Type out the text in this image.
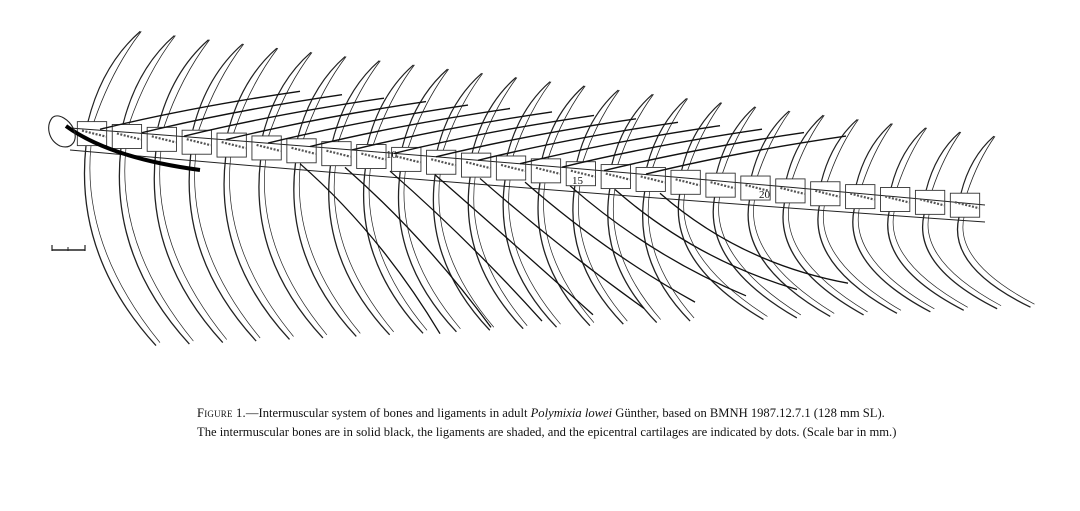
10
15
20
Figure 1.—Intermuscular system of bones and ligaments in adult Polymixia lowei Günther, based on BMNH 1987.12.7.1 (128 mm SL). The intermuscular bones are in solid black, the ligaments are shaded, and the epicentral cartilages are indicated by dots. (Scale bar in mm.)
